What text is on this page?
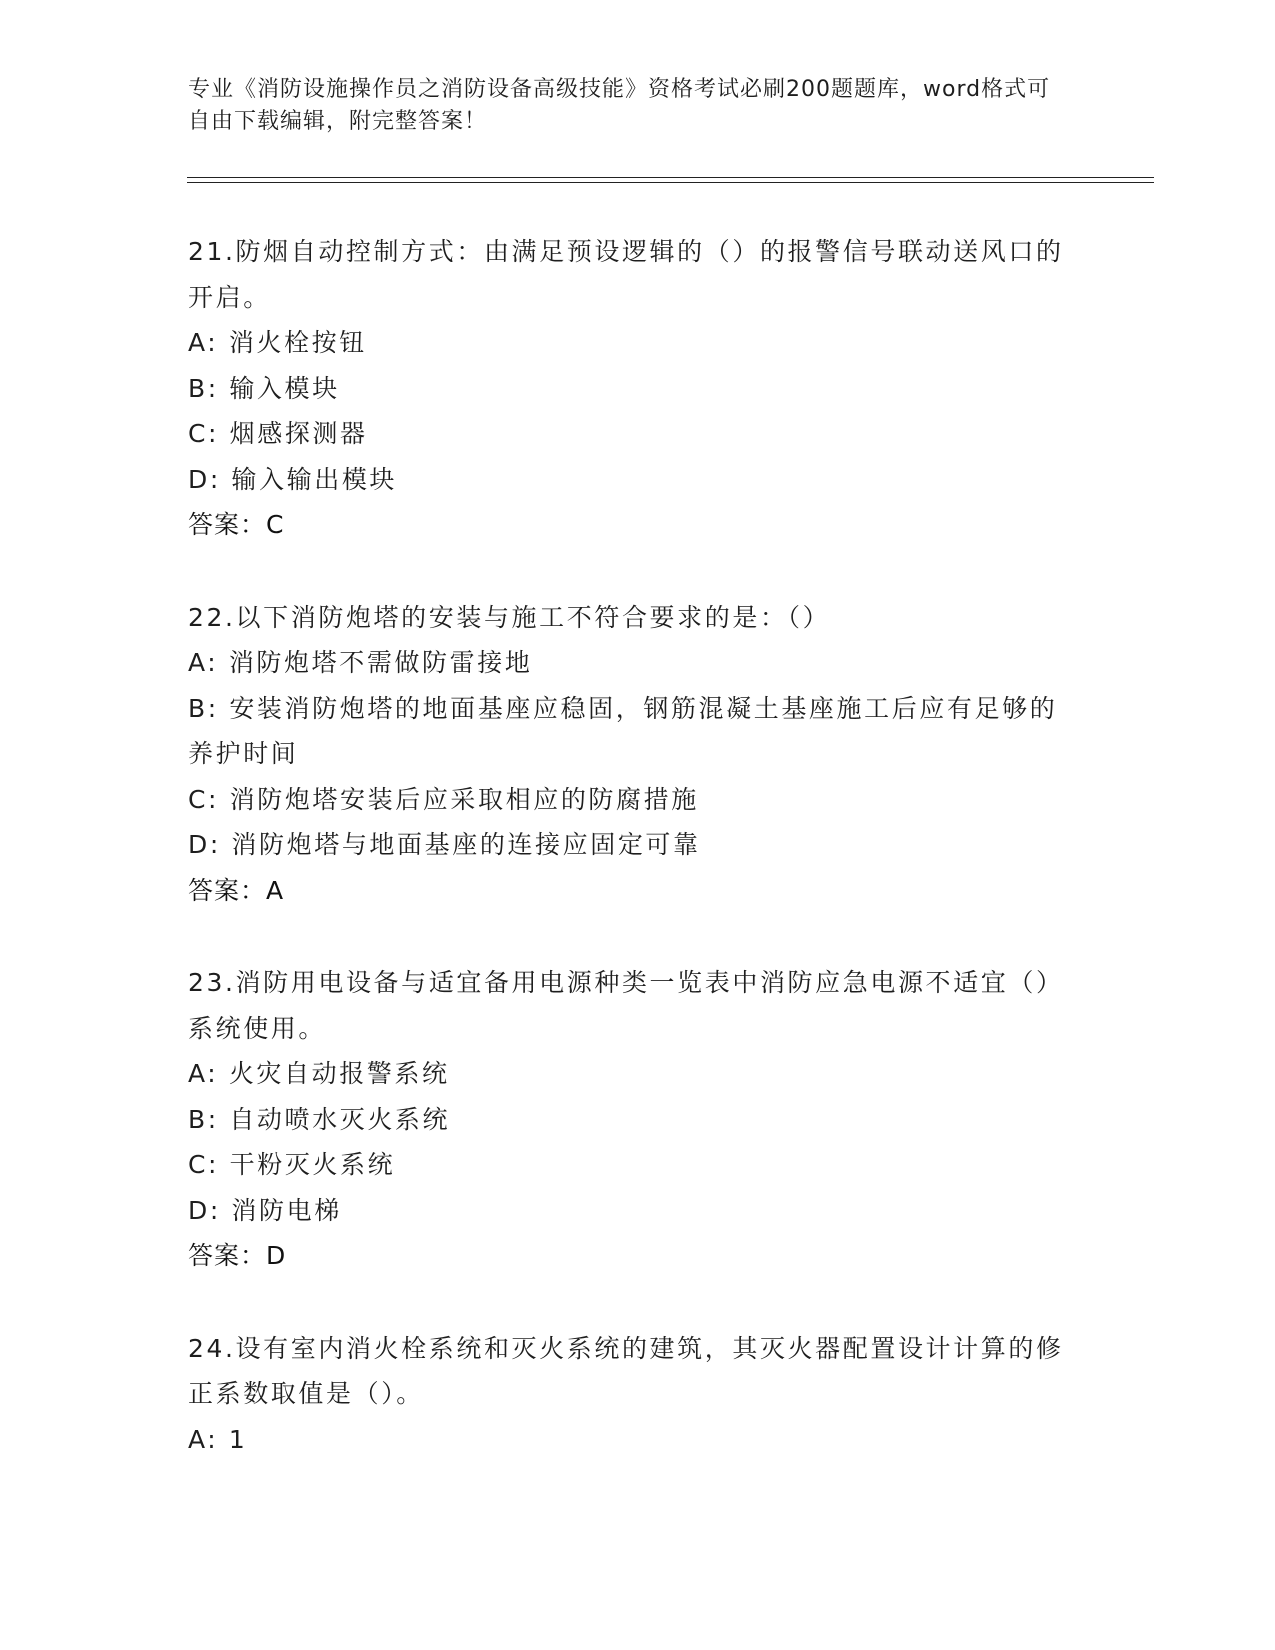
专业《消防设施操作员之消防设备高级技能》资格考试必刷200题题库，word格式可自由下载编辑，附完整答案！
21.防烟自动控制方式：由满足预设逻辑的（）的报警信号联动送风口的开启。
A: 消火栓按钮
B: 输入模块
C: 烟感探测器
D: 输入输出模块
答案：C
22.以下消防炮塔的安装与施工不符合要求的是：（）
A: 消防炮塔不需做防雷接地
B: 安装消防炮塔的地面基座应稳固，钢筋混凝土基座施工后应有足够的养护时间
C: 消防炮塔安装后应采取相应的防腐措施
D: 消防炮塔与地面基座的连接应固定可靠
答案：A
23.消防用电设备与适宜备用电源种类一览表中消防应急电源不适宜（）系统使用。
A: 火灾自动报警系统
B: 自动喷水灭火系统
C: 干粉灭火系统
D: 消防电梯
答案：D
24.设有室内消火栓系统和灭火系统的建筑，其灭火器配置设计计算的修正系数取值是（）。
A: 1
